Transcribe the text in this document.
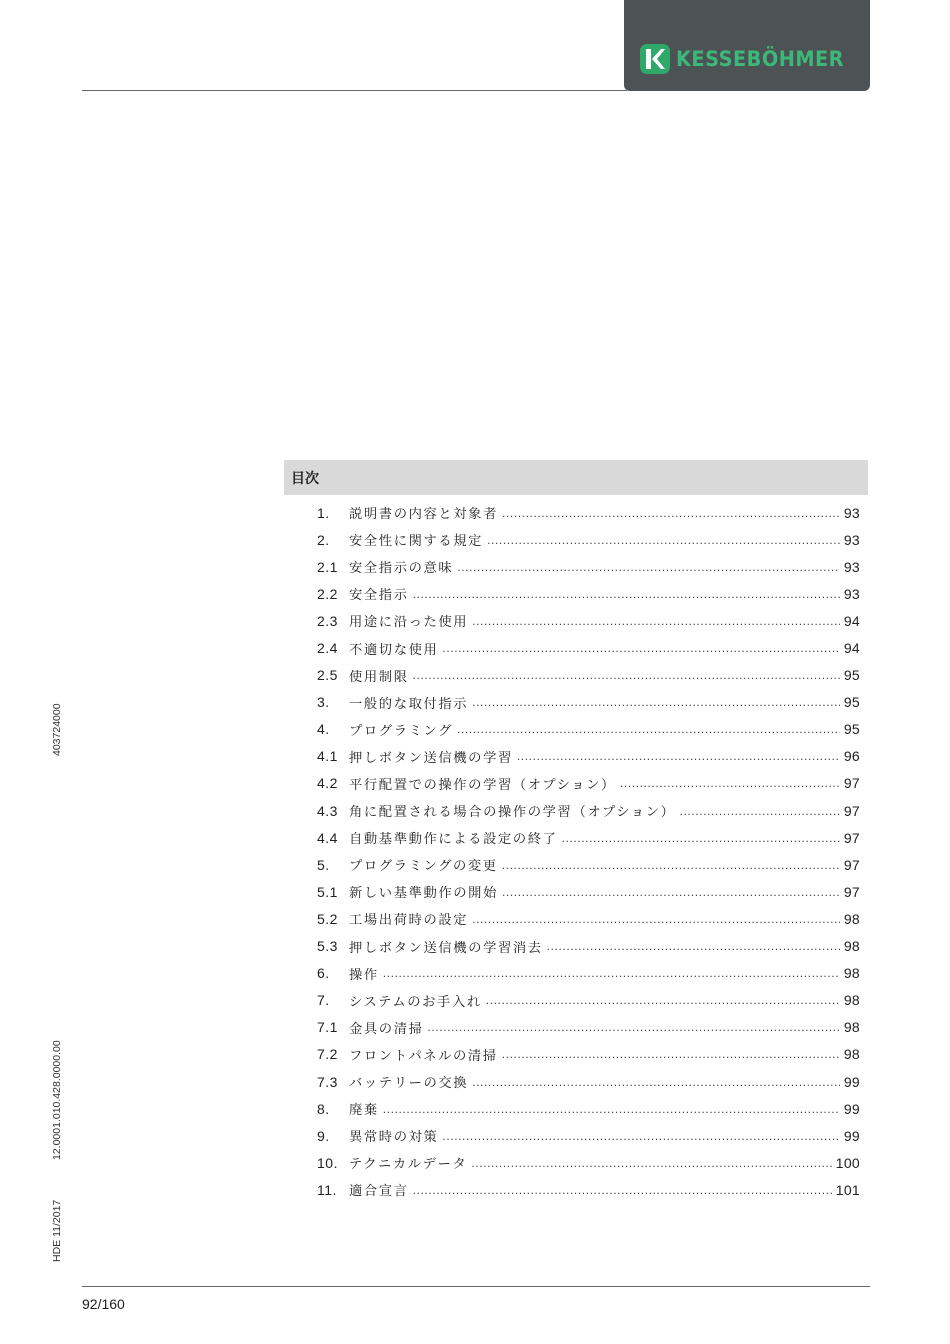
KESSEBÖHMER
403724000
12.0001.010.428.0000.00
HDE 11/2017
目次
1.	説明書の内容と対象者 .....	93
2.	安全性に関する規定 .....	93
2.1 安全指示の意味 .....	93
2.2 安全指示 .....	93
2.3 用途に沿った使用 .....	94
2.4 不適切な使用 .....	94
2.5 使用制限 .....	95
3.	一般的な取付指示 .....	95
4.	プログラミング .....	95
4.1 押しボタン送信機の学習 .....	96
4.2 平行配置での操作の学習（オプション） .....	97
4.3 角に配置される場合の操作の学習（オプション） .....	97
4.4 自動基準動作による設定の終了 .....	97
5.	プログラミングの変更 .....	97
5.1 新しい基準動作の開始 .....	97
5.2 工場出荷時の設定 .....	98
5.3 押しボタン送信機の学習消去 .....	98
6.	操作 .....	98
7.	システムのお手入れ .....	98
7.1 金具の清掃 .....	98
7.2 フロントパネルの清掃 .....	98
7.3 バッテリーの交換 .....	99
8.	廃棄 .....	99
9.	異常時の対策 .....	99
10. テクニカルデータ .....	100
11. 適合宣言 .....	101
92/160
